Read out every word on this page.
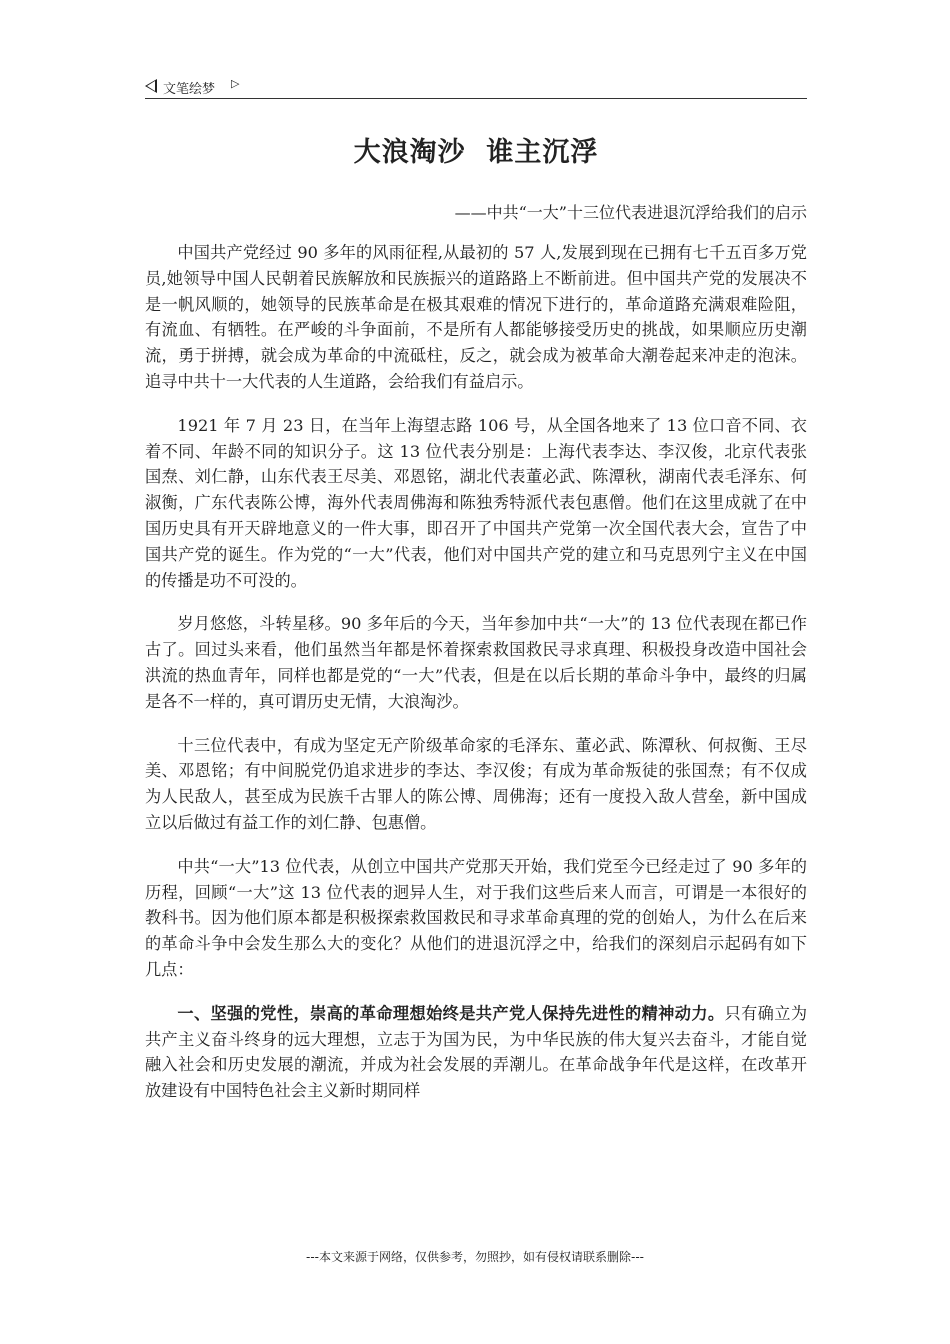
文笔绘梦 ▷
大浪淘沙  谁主沉浮
——中共“一大”十三位代表进退沉浮给我们的启示

中国共产党经过 90 多年的风雨征程,从最初的 57 人,发展到现在已拥有七千五百多万党员,她领导中国人民朝着民族解放和民族振兴的道路路上不断前进。但中国共产党的发展决不是一帆风顺的，她领导的民族革命是在极其艰难的情况下进行的，革命道路充满艰难险阻，有流血、有牺牲。在严峻的斗争面前，不是所有人都能够接受历史的挑战，如果顺应历史潮流，勇于拼搏，就会成为革命的中流砥柱，反之，就会成为被革命大潮卷起来冲走的泡沫。追寻中共十一大代表的人生道路，会给我们有益启示。

1921 年 7 月 23 日，在当年上海望志路 106 号，从全国各地来了 13 位口音不同、衣着不同、年龄不同的知识分子。这 13 位代表分别是：上海代表李达、李汉俊，北京代表张国焘、刘仁静，山东代表王尽美、邓恩铭，湖北代表董必武、陈潭秋，湖南代表毛泽东、何淑衡，广东代表陈公博，海外代表周佛海和陈独秀特派代表包惠僧。他们在这里成就了在中国历史具有开天辟地意义的一件大事，即召开了中国共产党第一次全国代表大会，宣告了中国共产党的诞生。作为党的“一大”代表，他们对中国共产党的建立和马克思列宁主义在中国的传播是功不可没的。

岁月悠悠，斗转星移。90 多年后的今天，当年参加中共“一大”的 13 位代表现在都已作古了。回过头来看，他们虽然当年都是怀着探索救国救民寻求真理、积极投身改造中国社会洪流的热血青年，同样也都是党的“一大”代表，但是在以后长期的革命斗争中，最终的归属是各不一样的，真可谓历史无情，大浪淘沙。

十三位代表中，有成为坚定无产阶级革命家的毛泽东、董必武、陈潭秋、何叔衡、王尽美、邓恩铭；有中间脱党仍追求进步的李达、李汉俊；有成为革命叛徒的张国焘；有不仅成为人民敌人，甚至成为民族千古罪人的陈公博、周佛海；还有一度投入敌人营垒，新中国成立以后做过有益工作的刘仁静、包惠僧。

中共“一大”13 位代表，从创立中国共产党那天开始，我们党至今已经走过了 90 多年的历程，回顾“一大”这 13 位代表的迥异人生，对于我们这些后来人而言，可谓是一本很好的教科书。因为他们原本都是积极探索救国救民和寻求革命真理的党的创始人，为什么在后来的革命斗争中会发生那么大的变化？从他们的进退沉浮之中，给我们的深刻启示起码有如下几点：

一、坚强的党性，崇高的革命理想始终是共产党人保持先进性的精神动力。只有确立为共产主义奋斗终身的远大理想，立志于为国为民，为中华民族的伟大复兴去奋斗，才能自觉融入社会和历史发展的潮流，并成为社会发展的弄潮儿。在革命战争年代是这样，在改革开放建设有中国特色社会主义新时期同样

---本文来源于网络，仅供参考，勿照抄，如有侵权请联系删除---
